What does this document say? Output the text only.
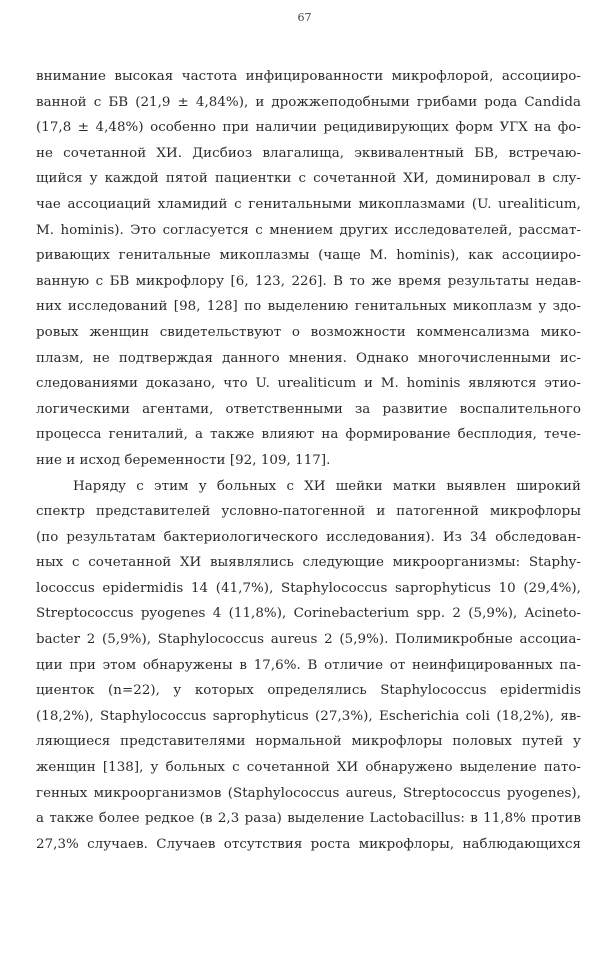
67
внимание высокая частота инфицированности микрофлорой, ассоцииро-
ванной с БВ (21,9 ± 4,84%), и дрожжеподобными грибами рода Candida
(17,8 ± 4,48%) особенно при наличии рецидивирующих форм УГХ на фо-
не сочетанной ХИ. Дисбиоз влагалища, эквивалентный БВ, встречаю-
щийся у каждой пятой пациентки с сочетанной ХИ, доминировал в слу-
чае ассоциаций хламидий с генитальными микоплазмами (U. urealiticum,
M. hominis). Это согласуется с мнением других исследователей, рассмат-
ривающих генитальные микоплазмы (чаще M. hominis), как ассоцииро-
ванную с БВ микрофлору [6, 123, 226]. В то же время результаты недав-
них исследований [98, 128] по выделению генитальных микоплазм у здо-
ровых женщин свидетельствуют о возможности комменсализма мико-
плазм, не подтверждая данного мнения. Однако многочисленными ис-
следованиями доказано, что U. urealiticum и M. hominis являются этио-
логическими агентами, ответственными за развитие воспалительного
процесса гениталий, а также влияют на формирование бесплодия, тече-
ние и исход беременности [92, 109, 117].
Наряду с этим у больных с ХИ шейки матки выявлен широкий
спектр представителей условно-патогенной и патогенной микрофлоры
(по результатам бактериологического исследования). Из 34 обследован-
ных с сочетанной ХИ выявлялись следующие микроорганизмы: Staphy-
lococcus epidermidis 14 (41,7%), Staphylococcus saprophyticus 10 (29,4%),
Streptococcus pyogenes 4 (11,8%), Corinebacterium spp. 2 (5,9%), Acineto-
bacter 2 (5,9%), Staphylococcus aureus 2 (5,9%). Полимикробные ассоциа-
ции при этом обнаружены в 17,6%. В отличие от неинфицированных па-
циенток (n=22), у которых определялись Staphylococcus epidermidis
(18,2%), Staphylococcus saprophyticus (27,3%), Escherichia coli (18,2%), яв-
ляющиеся представителями нормальной микрофлоры половых путей у
женщин [138], у больных с сочетанной ХИ обнаружено выделение пато-
генных микроорганизмов (Staphylococcus aureus, Streptococcus pyogenes),
а также более редкое (в 2,3 раза) выделение Lactobacillus: в 11,8% против
27,3% случаев. Случаев отсутствия роста микрофлоры, наблюдающихся
